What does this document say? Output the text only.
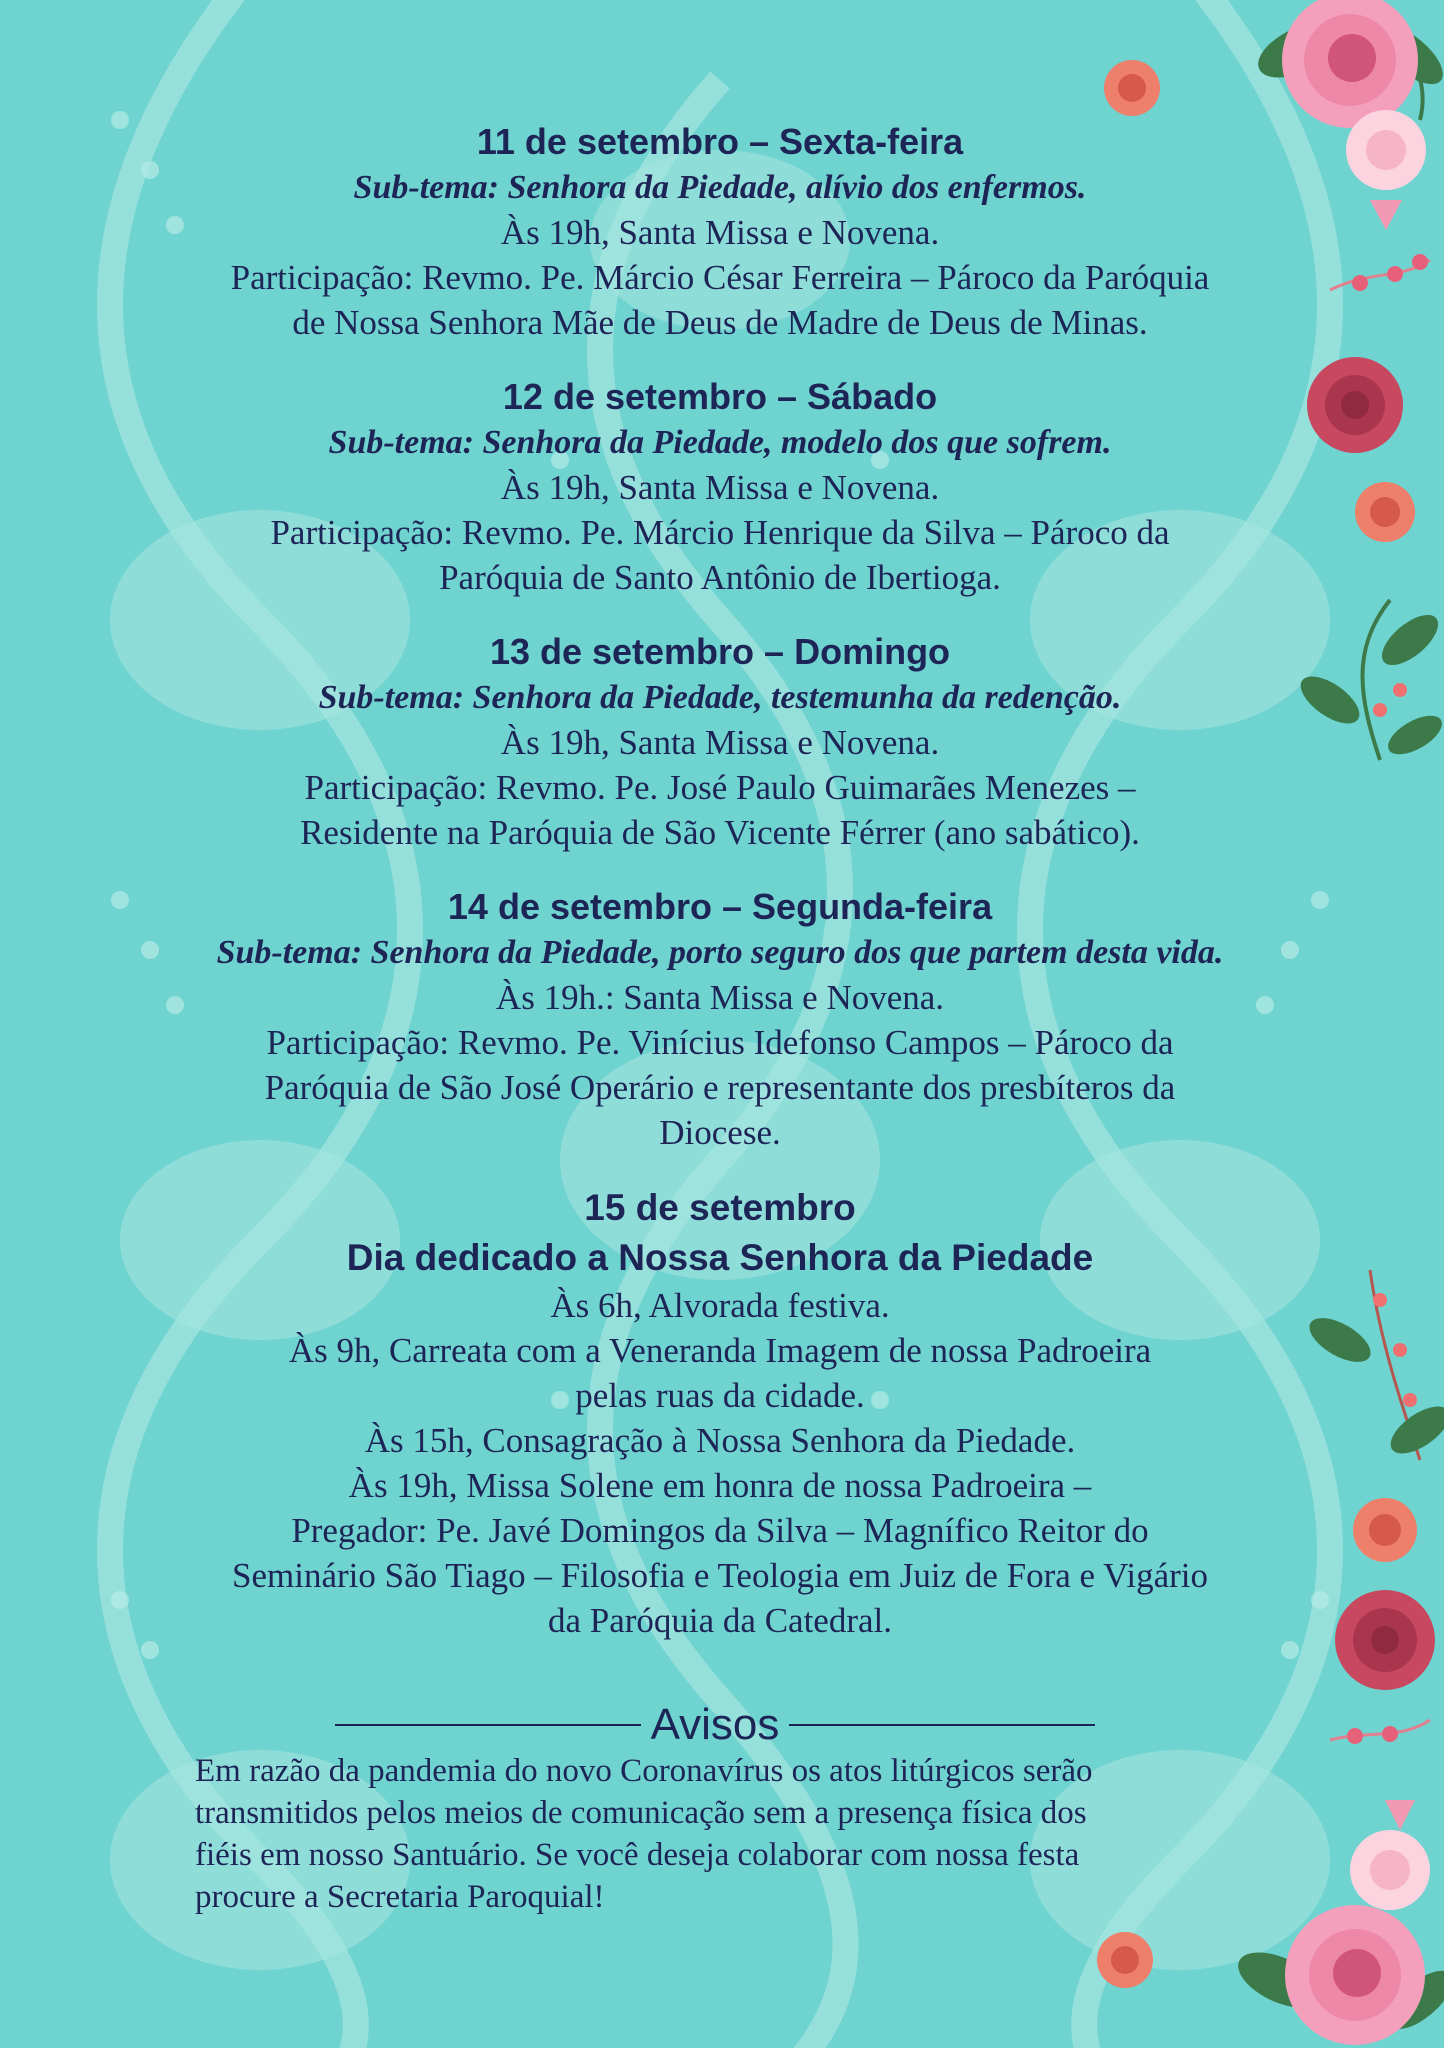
11 de setembro – Sexta-feira
Sub-tema: Senhora da Piedade, alívio dos enfermos.
Às 19h, Santa Missa e Novena.
Participação: Revmo. Pe. Márcio César Ferreira – Pároco da Paróquia
de Nossa Senhora Mãe de Deus de Madre de Deus de Minas.
12 de setembro – Sábado
Sub-tema: Senhora da Piedade, modelo dos que sofrem.
Às 19h, Santa Missa e Novena.
Participação: Revmo. Pe. Márcio Henrique da Silva – Pároco da
Paróquia de Santo Antônio de Ibertioga.
13 de setembro – Domingo
Sub-tema: Senhora da Piedade, testemunha da redenção.
Às 19h, Santa Missa e Novena.
Participação: Revmo. Pe. José Paulo Guimarães Menezes –
Residente na Paróquia de São Vicente Férrer (ano sabático).
14 de setembro – Segunda-feira
Sub-tema: Senhora da Piedade, porto seguro dos que partem desta vida.
Às 19h.: Santa Missa e Novena.
Participação: Revmo. Pe. Vinícius Idefonso Campos – Pároco da
Paróquia de São José Operário e representante dos presbíteros da
Diocese.
15 de setembro
Dia dedicado a Nossa Senhora da Piedade
Às 6h, Alvorada festiva.
Às 9h, Carreata com a Veneranda Imagem de nossa Padroeira
pelas ruas da cidade.
Às 15h, Consagração à Nossa Senhora da Piedade.
Às 19h, Missa Solene em honra de nossa Padroeira –
Pregador: Pe. Javé Domingos da Silva – Magnífico Reitor do
Seminário São Tiago – Filosofia e Teologia em Juiz de Fora e Vigário
da Paróquia da Catedral.
Avisos
Em razão da pandemia do novo Coronavírus os atos litúrgicos serão
transmitidos pelos meios de comunicação sem a presença física dos
fiéis em nosso Santuário. Se você deseja colaborar com nossa festa
procure a Secretaria Paroquial!
